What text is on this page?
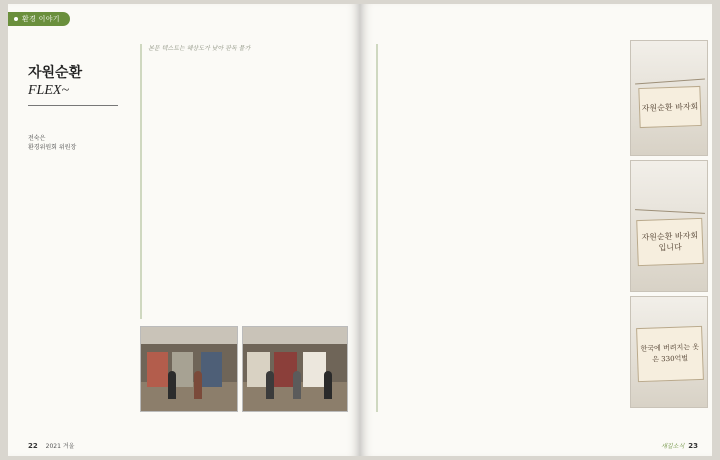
환경 이야기
자원순환
FLEX~
전숙은
환경위원회 위원장
본문 텍스트는 해상도가 낮아 판독 불가
22 2021 겨울
자원순환 바자회
자원순환 바자회 입니다
한국에 버려지는 옷은 330억벌
새길소식 23
